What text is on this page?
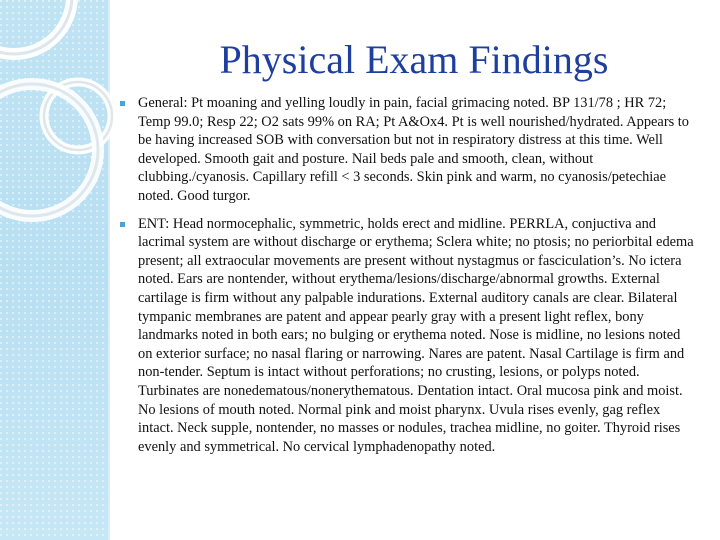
Physical Exam Findings
General: Pt moaning and yelling loudly in pain, facial grimacing noted. BP 131/78 ; HR 72; Temp 99.0; Resp 22; O2 sats 99% on RA; Pt A&Ox4. Pt is well nourished/hydrated. Appears to be having increased SOB with conversation but not in respiratory distress at this time. Well developed. Smooth gait and posture. Nail beds pale and smooth, clean, without clubbing./cyanosis. Capillary refill < 3 seconds. Skin pink and warm, no cyanosis/petechiae noted. Good turgor.
ENT: Head normocephalic, symmetric, holds erect and midline. PERRLA, conjuctiva and lacrimal system are without discharge or erythema; Sclera white; no ptosis; no periorbital edema present; all extraocular movements are present without nystagmus or fasciculation’s. No ictera noted. Ears are nontender, without erythema/lesions/discharge/abnormal growths. External cartilage is firm without any palpable indurations. External auditory canals are clear. Bilateral tympanic membranes are patent and appear pearly gray with a present light reflex, bony landmarks noted in both ears; no bulging or erythema noted. Nose is midline, no lesions noted on exterior surface; no nasal flaring or narrowing. Nares are patent. Nasal Cartilage is firm and non-tender. Septum is intact without perforations; no crusting, lesions, or polyps noted. Turbinates are nonedematous/nonerythematous. Dentation intact. Oral mucosa pink and moist. No lesions of mouth noted. Normal pink and moist pharynx. Uvula rises evenly, gag reflex intact. Neck supple, nontender, no masses or nodules, trachea midline, no goiter. Thyroid rises evenly and symmetrical. No cervical lymphadenopathy noted.
